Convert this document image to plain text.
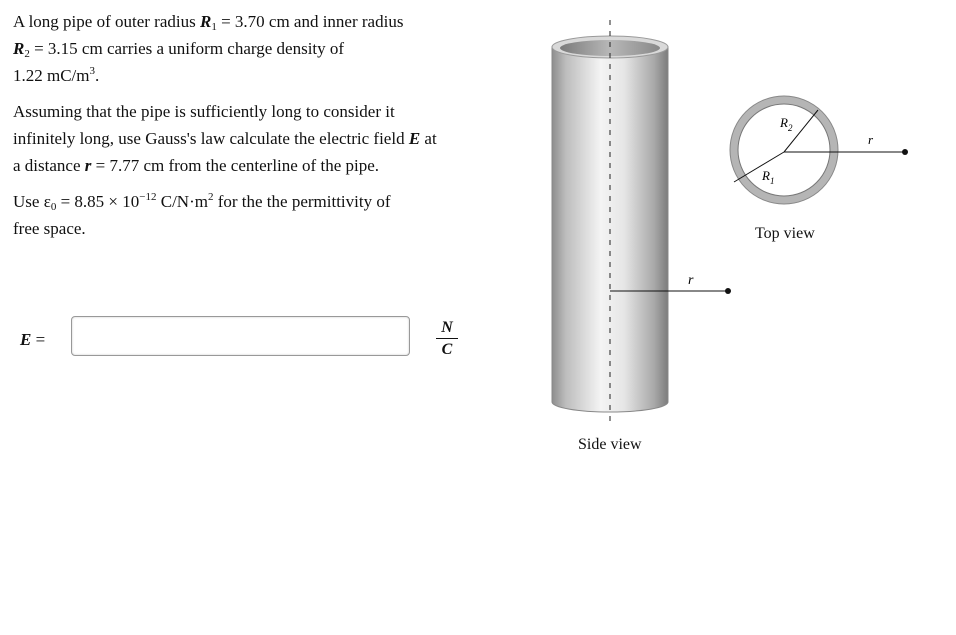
A long pipe of outer radius $R_1 = 3.70$ cm and inner radius
$R_2 = 3.15$ cm carries a uniform charge density of
1.22 $mC/m^3$.
Assuming that the pipe is sufficiently long to consider it
infinitely long, use Gauss's law calculate the electric field E at
a distance r = 7.77 cm from the centerline of the pipe.
Use $\varepsilon_0 = 8.85 \times 10^{-12}$ $C/N\cdot m^2$ for the the permittivity of
free space.
E =
N
C
r
r
$R_2$
$R_1$
Side view
Top view
